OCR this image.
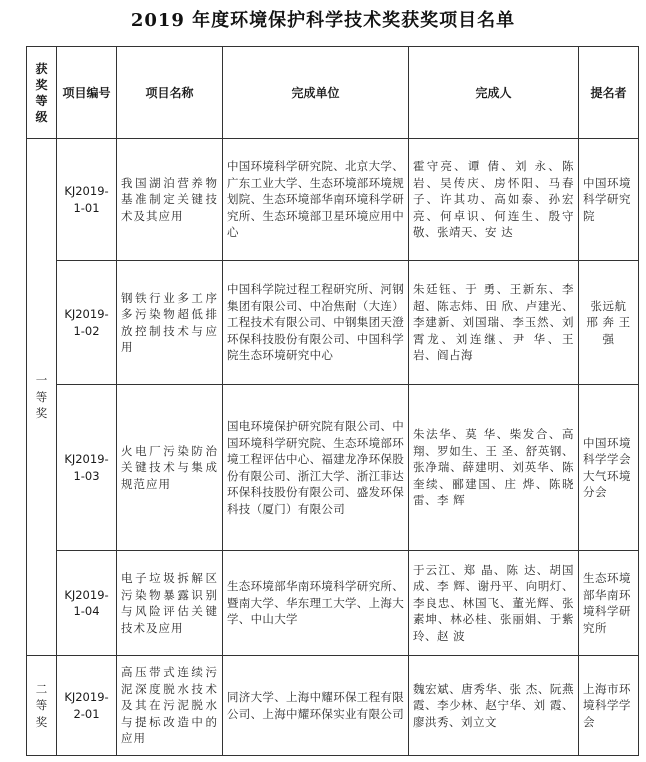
2019 年度环境保护科学技术奖获奖项目名单
获奖等级	项目编号	项目名称	完成单位	完成人	提名者
一等奖	KJ2019-1-01	我国湖泊营养物基准制定关键技术及其应用	中国环境科学研究院、北京大学、广东工业大学、生态环境部环境规划院、生态环境部华南环境科学研究所、生态环境部卫星环境应用中心	霍守亮、谭 倩、刘 永、陈 岩、吴传庆、房怀阳、马春子、许其功、高如泰、孙宏亮、何卓识、何连生、殷守敬、张靖天、安 达	中国环境科学研究院
	KJ2019-1-02	钢铁行业多工序多污染物超低排放控制技术与应用	中国科学院过程工程研究所、河钢集团有限公司、中冶焦耐（大连）工程技术有限公司、中钢集团天澄环保科技股份有限公司、中国科学院生态环境研究中心	朱廷钰、于 勇、王新东、李 超、陈志炜、田 欣、卢建光、李建新、刘国瑞、李玉然、刘霄龙、刘连继、尹 华、王 岩、阎占海	张远航 邢 奔 王 强
	KJ2019-1-03	火电厂污染防治关键技术与集成规范应用	国电环境保护研究院有限公司、中国环境科学研究院、生态环境部环境工程评估中心、福建龙净环保股份有限公司、浙江大学、浙江菲达环保科技股份有限公司、盛发环保科技（厦门）有限公司	朱法华、莫 华、柴发合、高 翔、罗如生、王 圣、舒英钢、张净瑞、薛建明、刘英华、陈奎续、郦建国、庄 烨、陈晓雷、李 辉	中国环境科学学会大气环境分会
	KJ2019-1-04	电子垃圾拆解区污染物暴露识别与风险评估关键技术及应用	生态环境部华南环境科学研究所、暨南大学、华东理工大学、上海大学、中山大学	于云江、郑 晶、陈 达、胡国成、李 辉、谢丹平、向明灯、李良忠、林国飞、董光辉、张素坤、林必桂、张丽娟、于紫玲、赵 波	生态环境部华南环境科学研究所
二等奖	KJ2019-2-01	高压带式连续污泥深度脱水技术及其在污泥脱水与提标改造中的应用	同济大学、上海中耀环保工程有限公司、上海中耀环保实业有限公司	魏宏斌、唐秀华、张 杰、阮燕霞、李少林、赵宁华、刘 霞、廖洪秀、刘立文	上海市环境科学学会
